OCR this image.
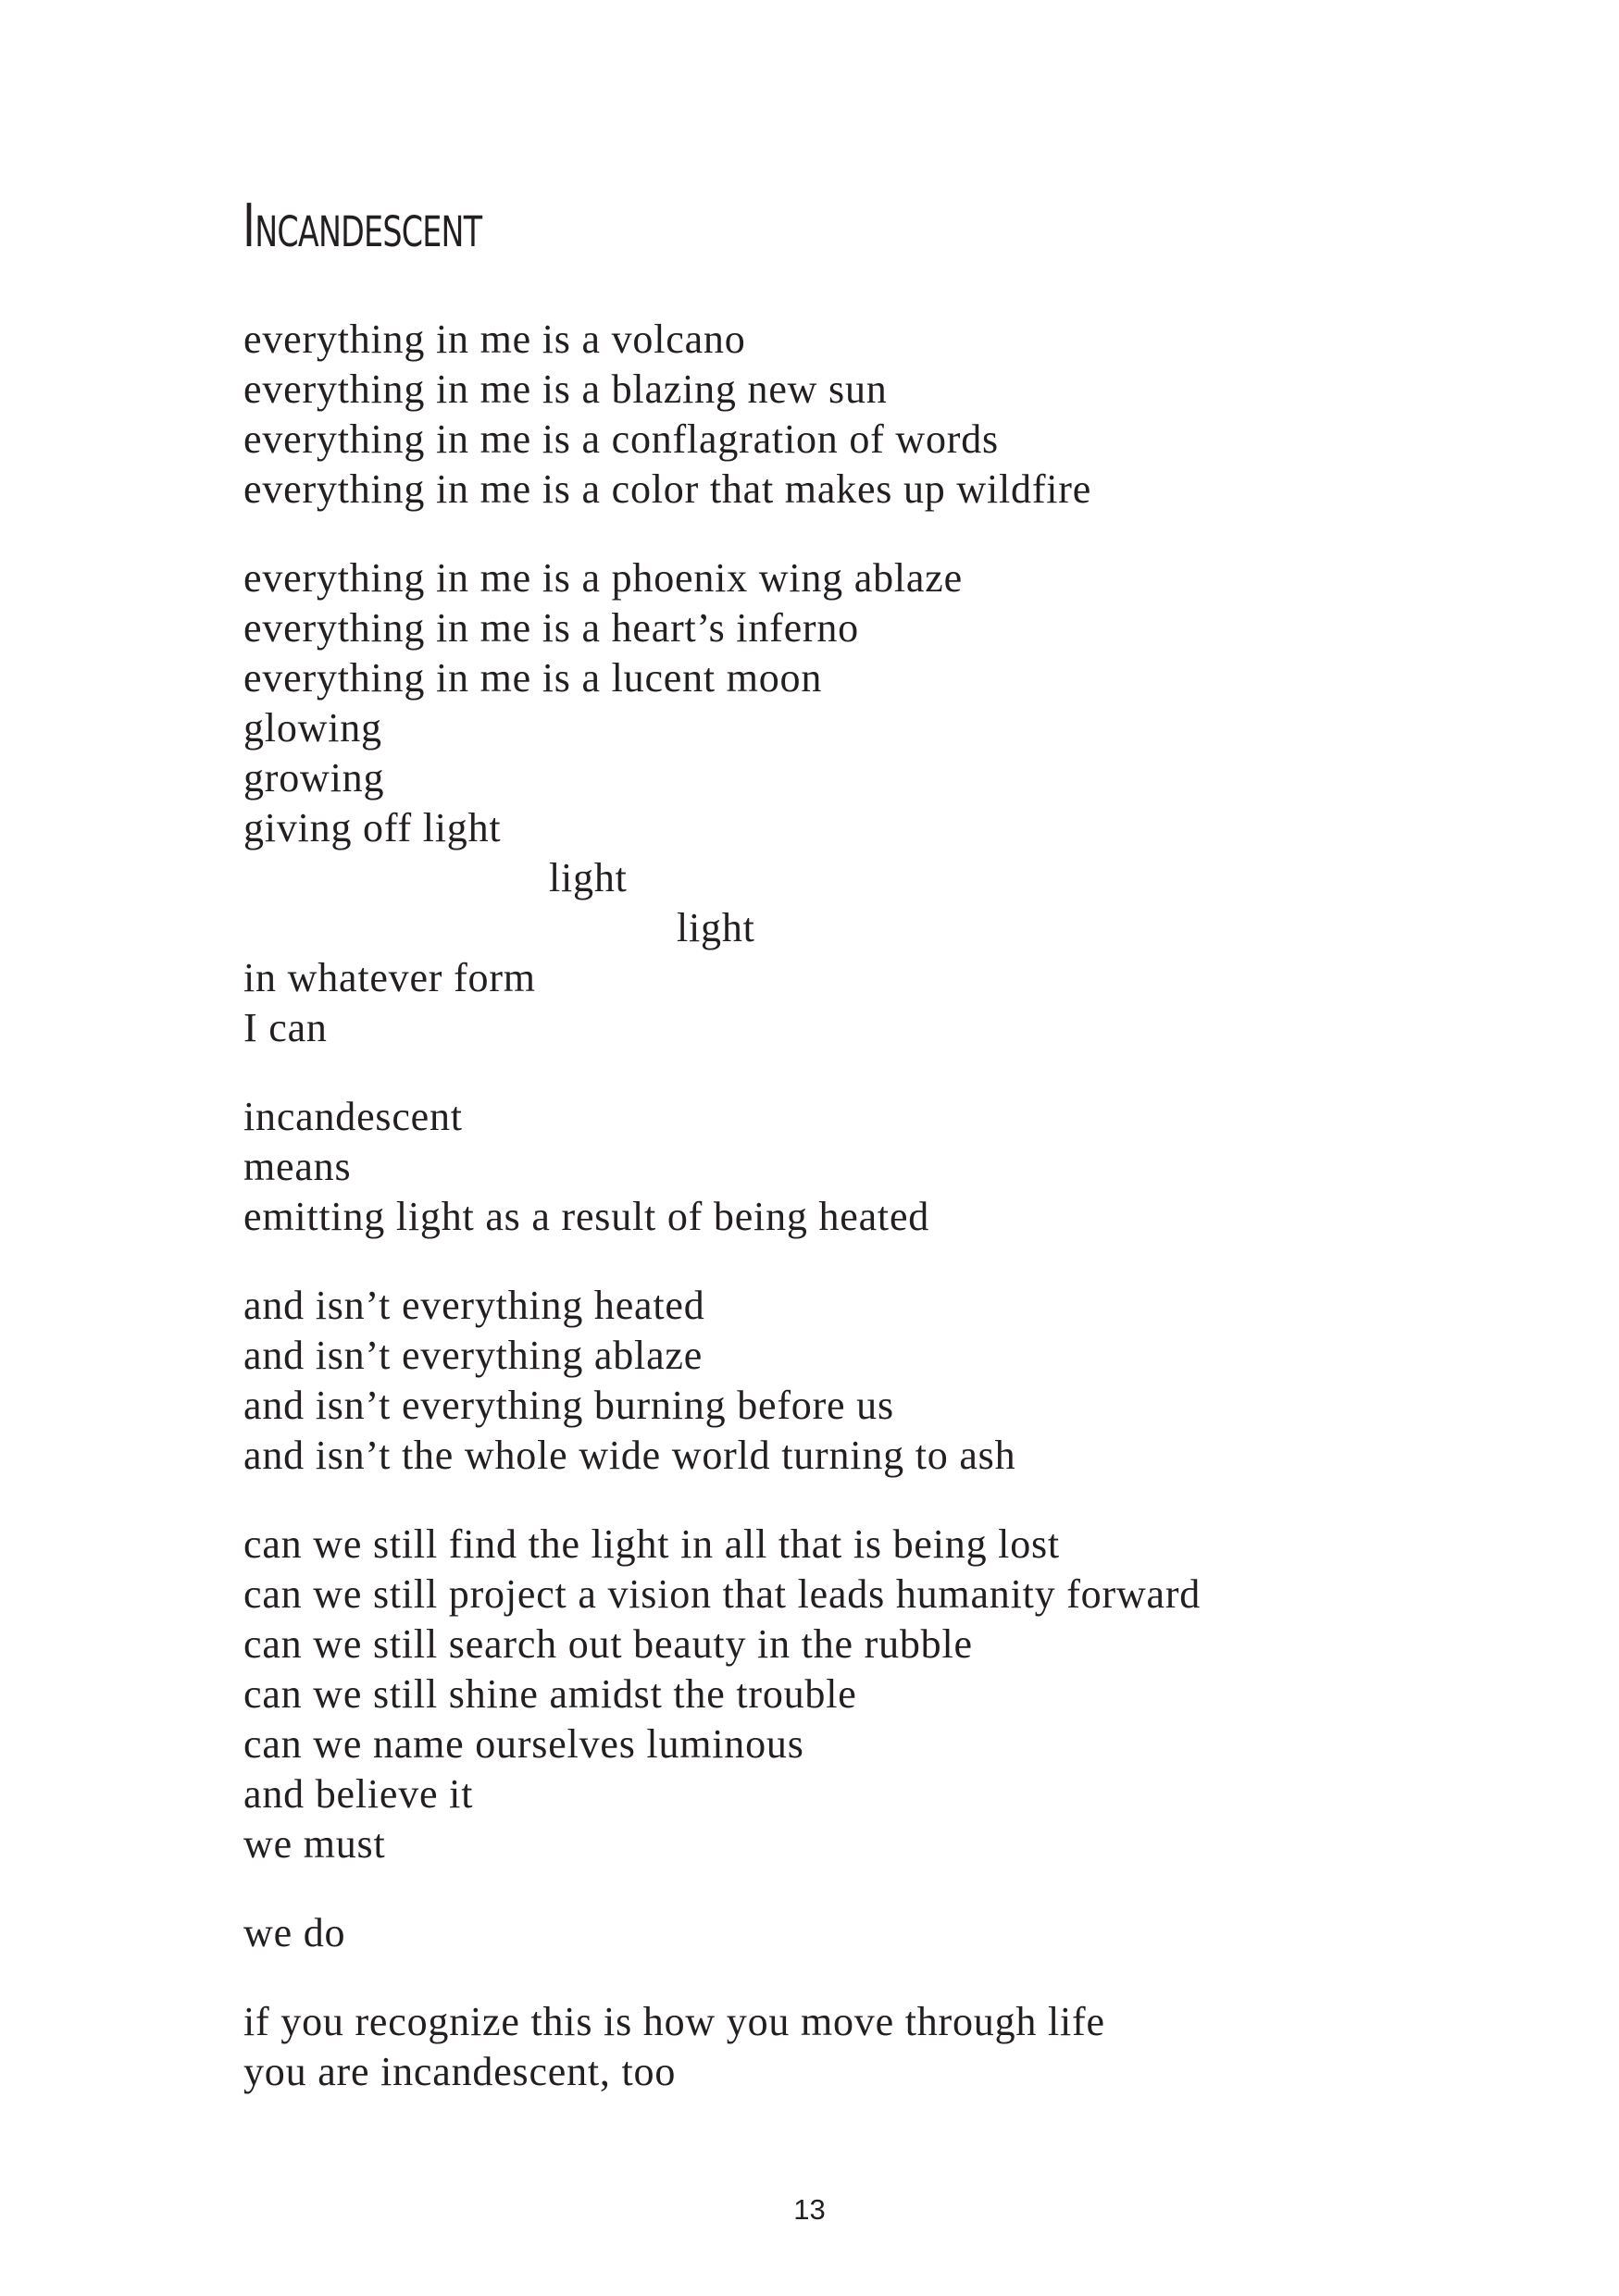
Incandescent
everything in me is a volcano
everything in me is a blazing new sun
everything in me is a conflagration of words
everything in me is a color that makes up wildfire
everything in me is a phoenix wing ablaze
everything in me is a heart’s inferno
everything in me is a lucent moon
glowing
growing
giving off light
light
light
in whatever form
I can
incandescent
means
emitting light as a result of being heated
and isn’t everything heated
and isn’t everything ablaze
and isn’t everything burning before us
and isn’t the whole wide world turning to ash
can we still find the light in all that is being lost
can we still project a vision that leads humanity forward
can we still search out beauty in the rubble
can we still shine amidst the trouble
can we name ourselves luminous
and believe it
we must
we do
if you recognize this is how you move through life
you are incandescent, too
13
